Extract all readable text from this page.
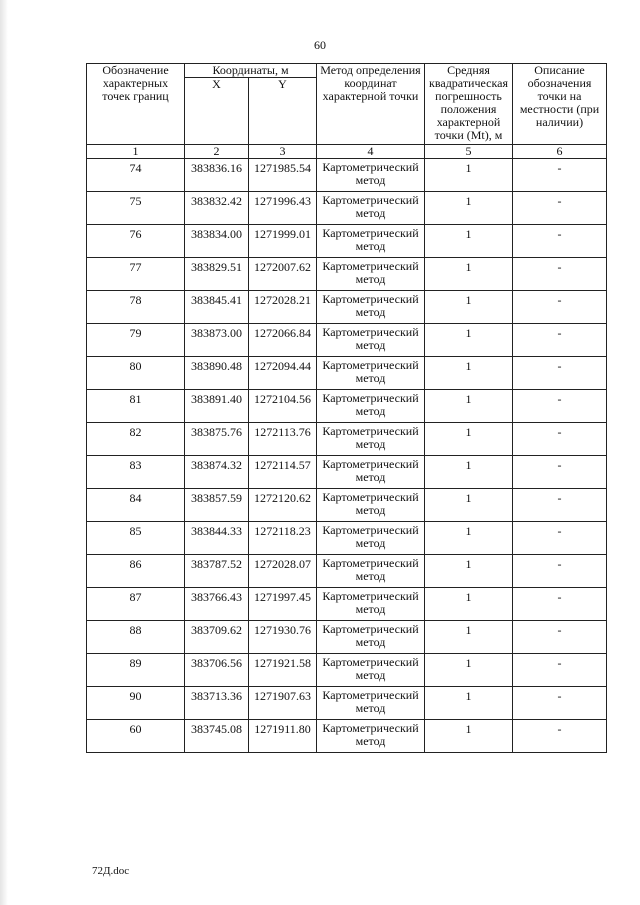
60
Обозначение характерных точек границ	Координаты, м		Метод определения координат характерной точки	Средняя квадратическая погрешность положения характерной точки (Mt), м	Описание обозначения точки на местности (при наличии)
	X	Y			
1	2	3	4	5	6
74	383836.16	1271985.54	Картометрический метод	1	-
75	383832.42	1271996.43	Картометрический метод	1	-
76	383834.00	1271999.01	Картометрический метод	1	-
77	383829.51	1272007.62	Картометрический метод	1	-
78	383845.41	1272028.21	Картометрический метод	1	-
79	383873.00	1272066.84	Картометрический метод	1	-
80	383890.48	1272094.44	Картометрический метод	1	-
81	383891.40	1272104.56	Картометрический метод	1	-
82	383875.76	1272113.76	Картометрический метод	1	-
83	383874.32	1272114.57	Картометрический метод	1	-
84	383857.59	1272120.62	Картометрический метод	1	-
85	383844.33	1272118.23	Картометрический метод	1	-
86	383787.52	1272028.07	Картометрический метод	1	-
87	383766.43	1271997.45	Картометрический метод	1	-
88	383709.62	1271930.76	Картометрический метод	1	-
89	383706.56	1271921.58	Картометрический метод	1	-
90	383713.36	1271907.63	Картометрический метод	1	-
60	383745.08	1271911.80	Картометрический метод	1	-
72Д.doc
